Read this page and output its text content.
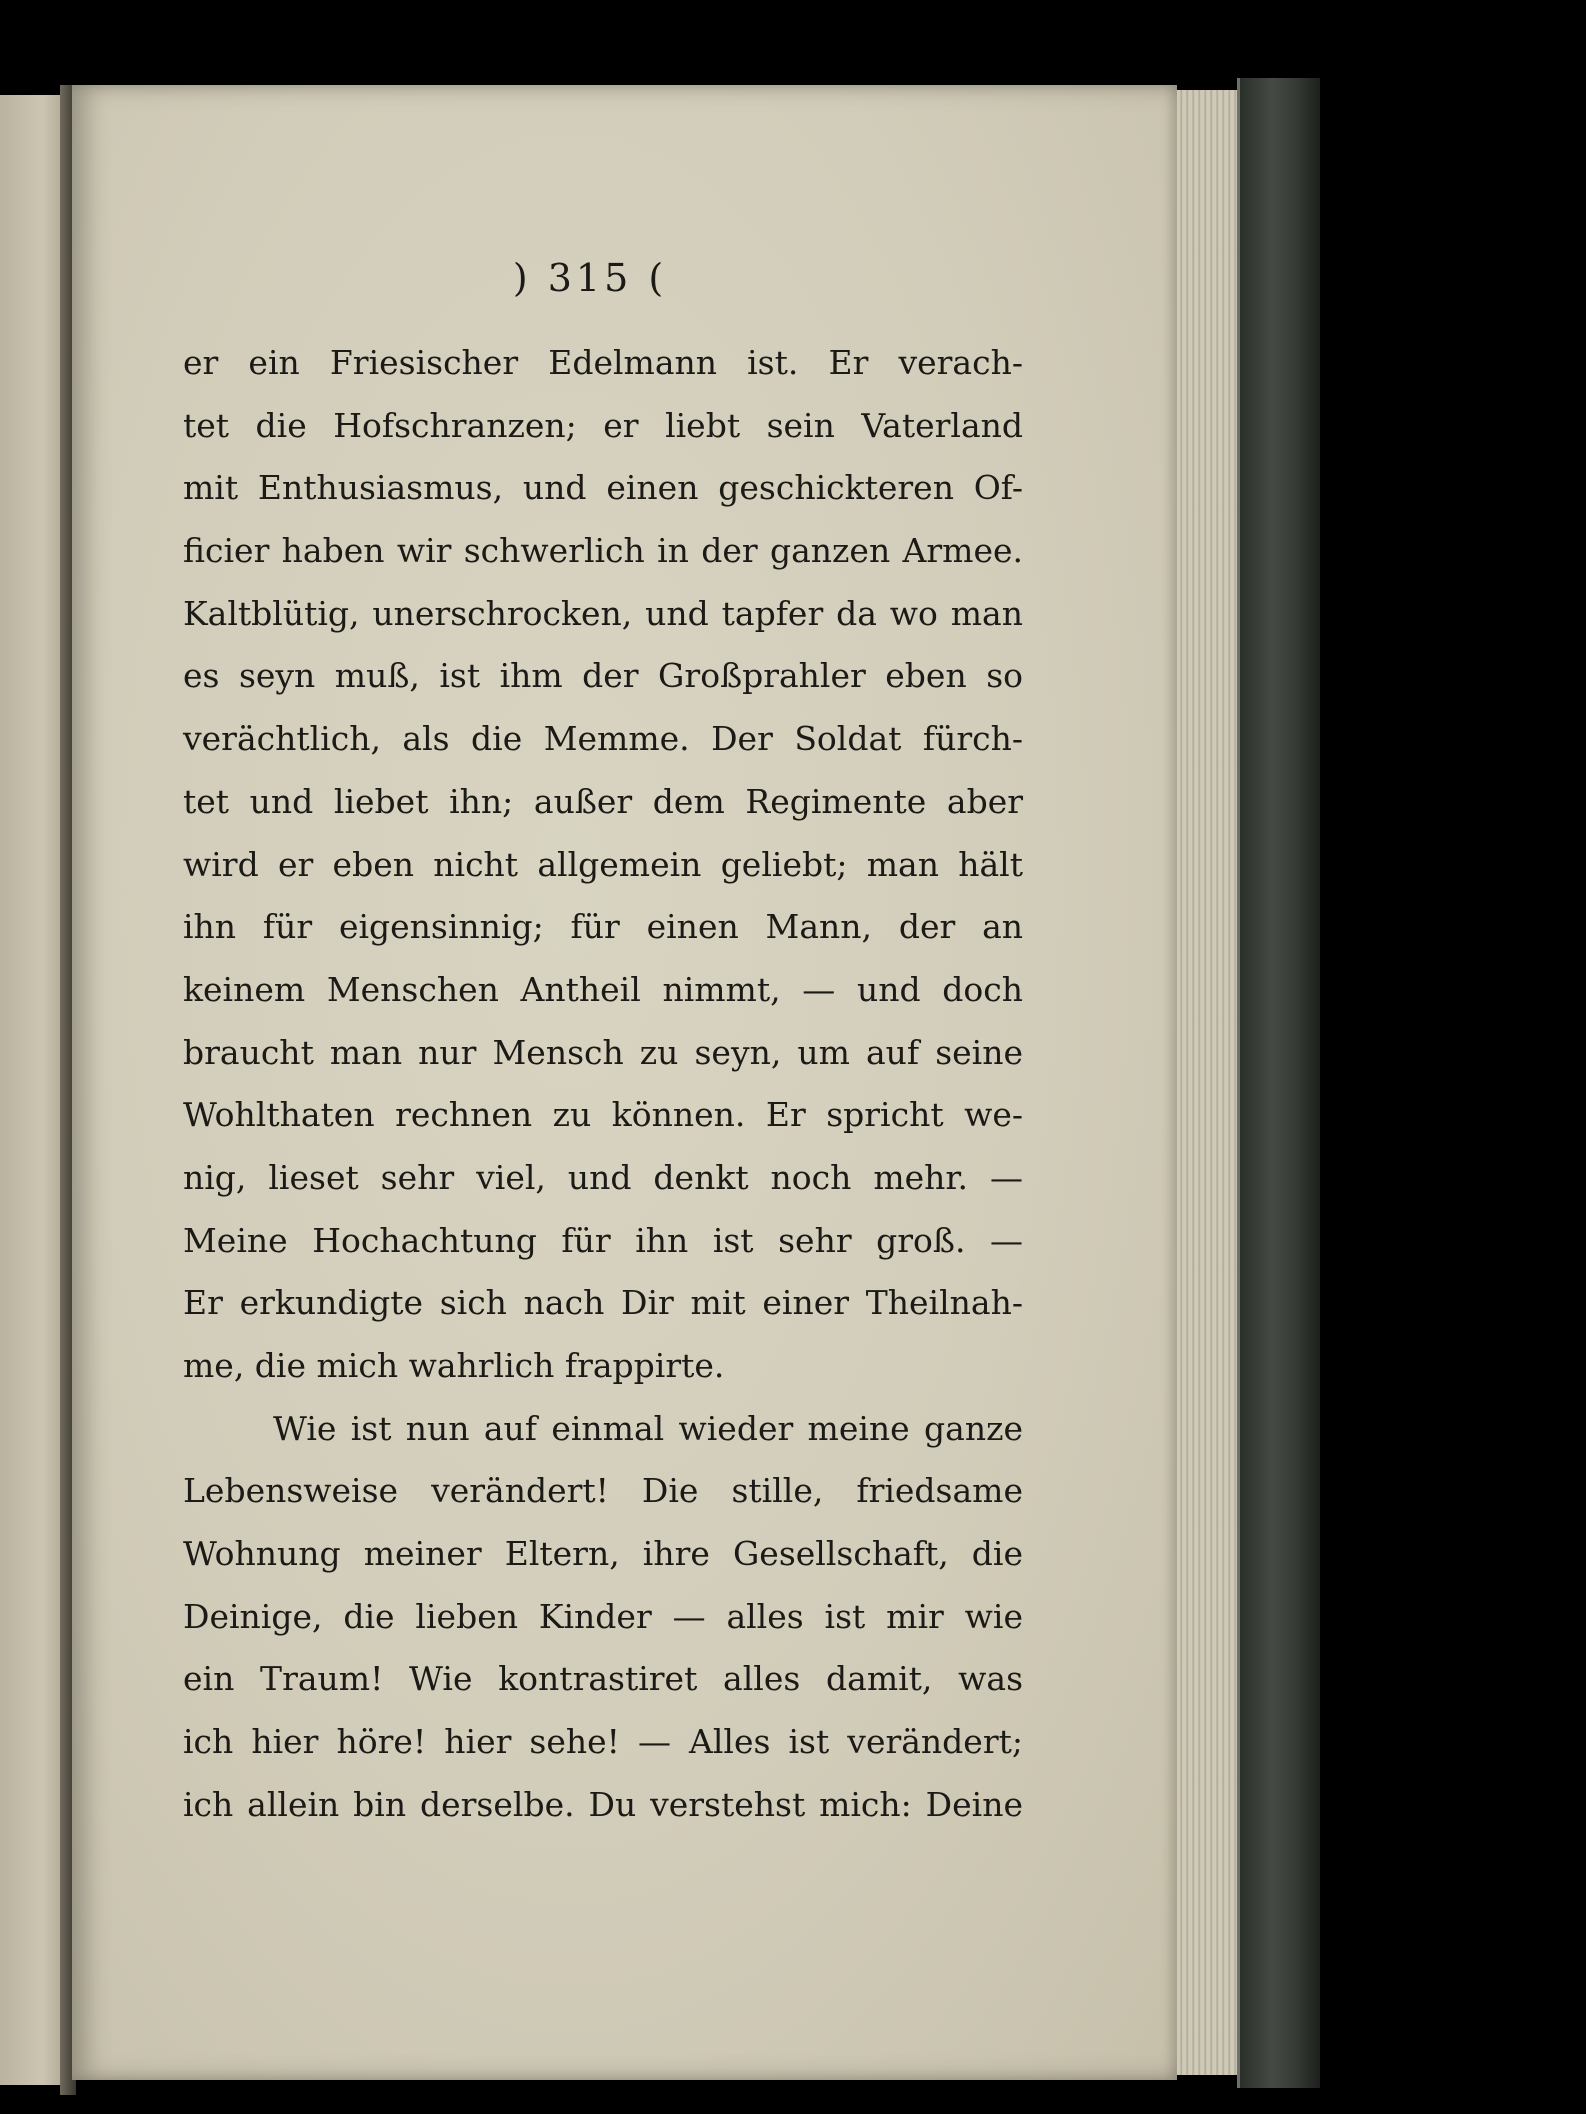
) 315 (
er ein Friesischer Edelmann ist. Er verach-
tet die Hofschranzen; er liebt sein Vaterland
mit Enthusiasmus, und einen geschickteren Of-
ficier haben wir schwerlich in der ganzen Armee.
Kaltblütig, unerschrocken, und tapfer da wo man
es seyn muß, ist ihm der Großprahler eben so
verächtlich, als die Memme. Der Soldat fürch-
tet und liebet ihn; außer dem Regimente aber
wird er eben nicht allgemein geliebt; man hält
ihn für eigensinnig; für einen Mann, der an
keinem Menschen Antheil nimmt, — und doch
braucht man nur Mensch zu seyn, um auf seine
Wohlthaten rechnen zu können. Er spricht we-
nig, lieset sehr viel, und denkt noch mehr. —
Meine Hochachtung für ihn ist sehr groß. —
Er erkundigte sich nach Dir mit einer Theilnah-
me, die mich wahrlich frappirte.
Wie ist nun auf einmal wieder meine ganze
Lebensweise verändert! Die stille, friedsame
Wohnung meiner Eltern, ihre Gesellschaft, die
Deinige, die lieben Kinder — alles ist mir wie
ein Traum! Wie kontrastiret alles damit, was
ich hier höre! hier sehe! — Alles ist verändert;
ich allein bin derselbe. Du verstehst mich: Deine
